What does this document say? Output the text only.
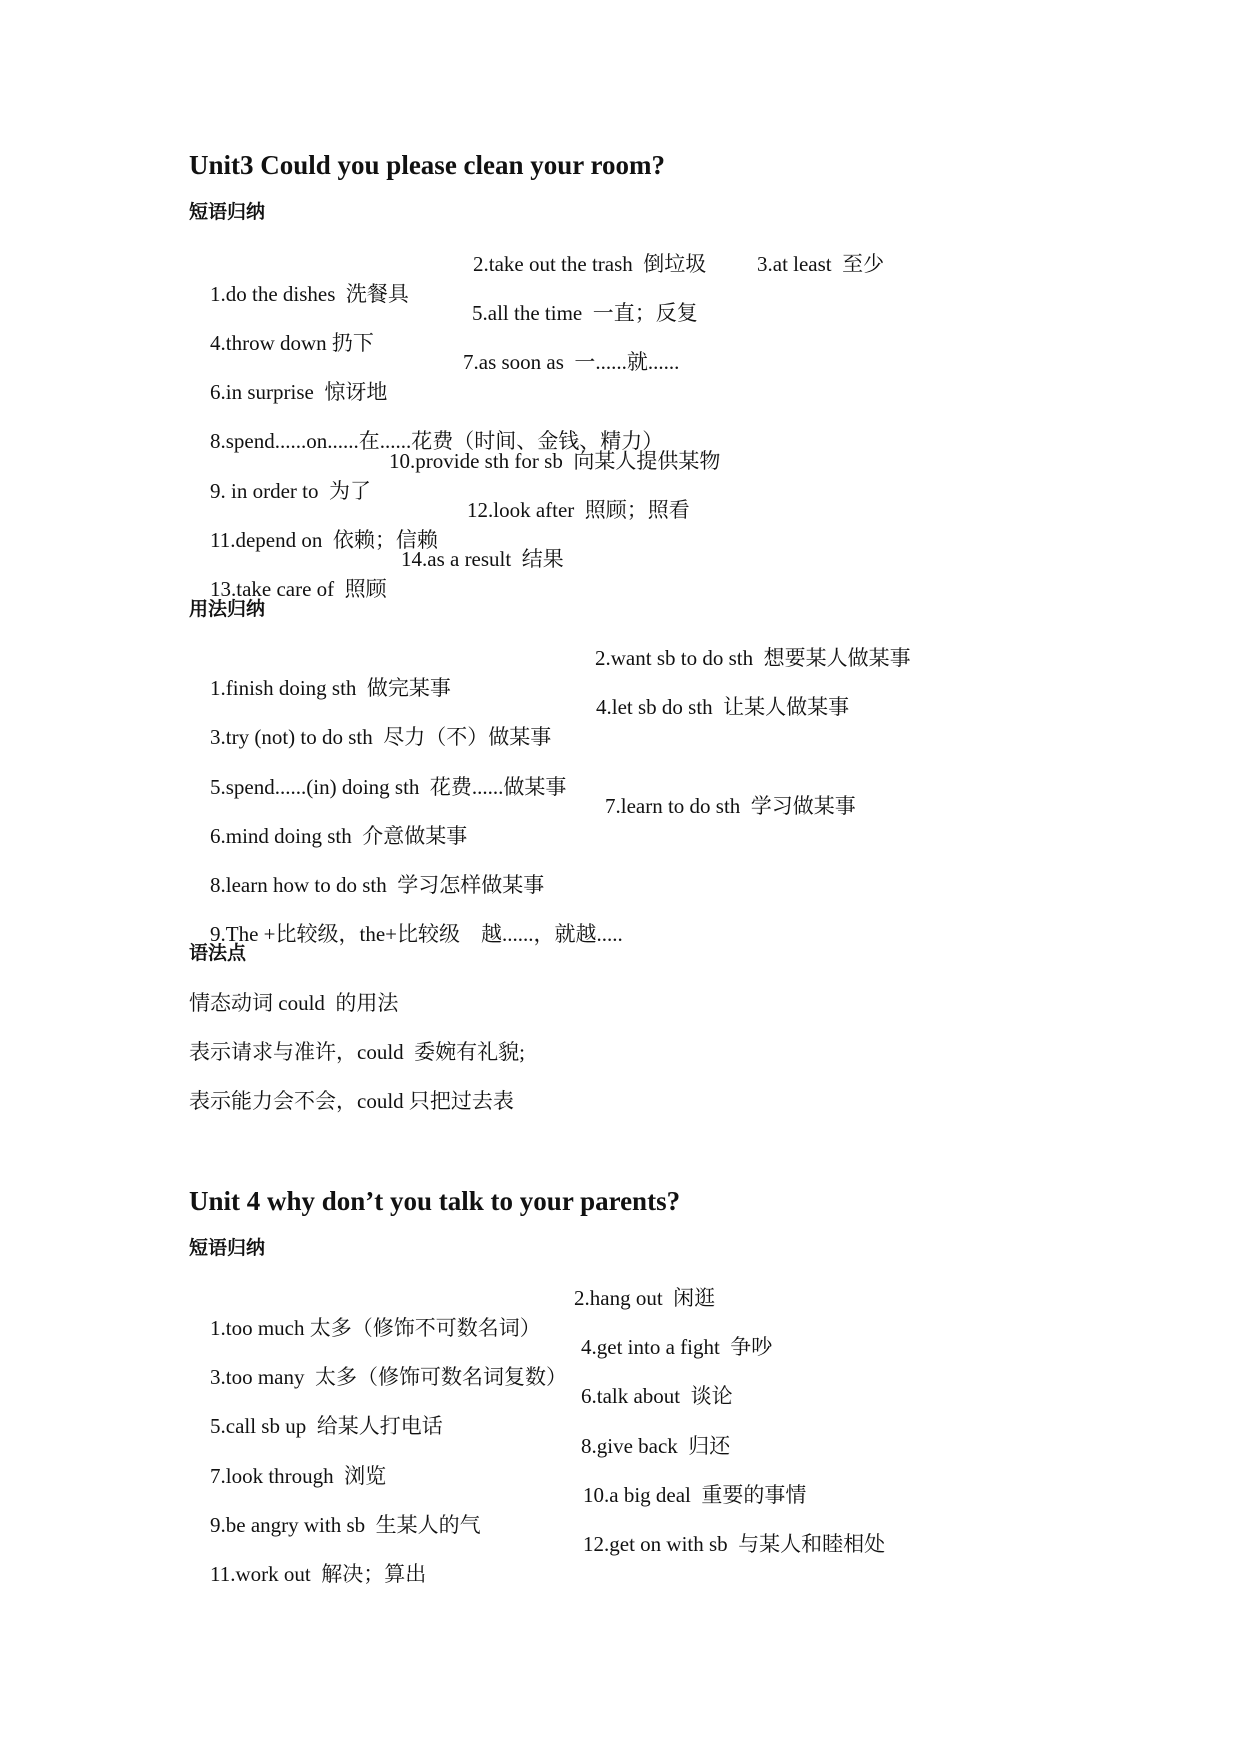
Unit3 Could you please clean your room?
短语归纳

1.do the dishes  洗餐具

2.take out the trash  倒垃圾

3.at least  至少

4.throw down 扔下

5.all the time  一直；反复

6.in surprise  惊讶地

7.as soon as  一......就......

8.spend......on......在......花费（时间、金钱、精力）

9. in order to  为了

10.provide sth for sb  向某人提供某物

11.depend on  依赖；信赖

12.look after  照顾；照看

13.take care of  照顾

14.as a result  结果

用法归纳

1.finish doing sth  做完某事

2.want sb to do sth  想要某人做某事

3.try (not) to do sth  尽力（不）做某事

4.let sb do sth  让某人做某事

5.spend......(in) doing sth  花费......做某事

6.mind doing sth  介意做某事

7.learn to do sth  学习做某事

8.learn how to do sth  学习怎样做某事

9.The +比较级，the+比较级    越......，就越.....

语法点
情态动词 could  的用法
表示请求与准许，could  委婉有礼貌;
表示能力会不会，could 只把过去表
Unit 4 why don’t you talk to your parents?
短语归纳

1.too much 太多（修饰不可数名词）

2.hang out  闲逛

3.too many  太多（修饰可数名词复数）

4.get into a fight  争吵

5.call sb up  给某人打电话

6.talk about  谈论

7.look through  浏览

8.give back  归还

9.be angry with sb  生某人的气

10.a big deal  重要的事情

11.work out  解决；算出

12.get on with sb  与某人和睦相处
